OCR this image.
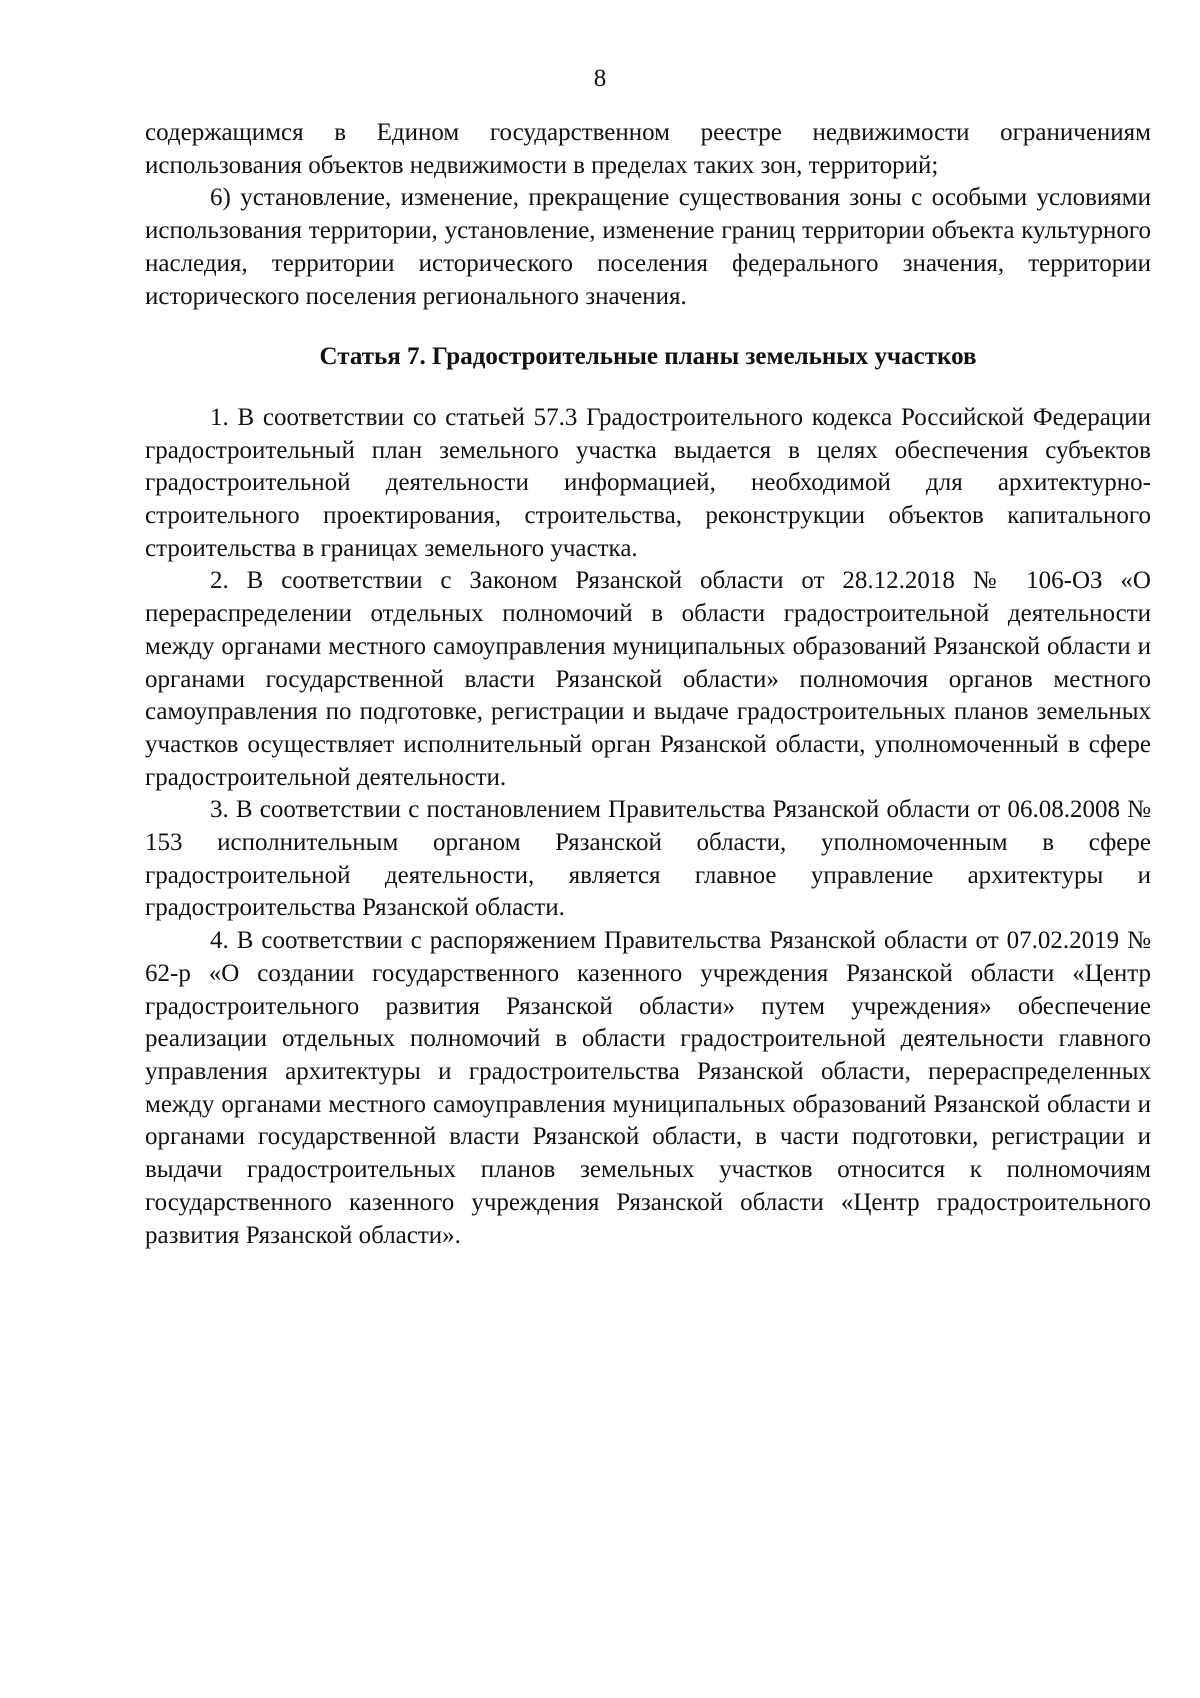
8

содержащимся в Едином государственном реестре недвижимости ограничениям использования объектов недвижимости в пределах таких зон, территорий;

6) установление, изменение, прекращение существования зоны с особыми условиями использования территории, установление, изменение границ территории объекта культурного наследия, территории исторического поселения федерального значения, территории исторического поселения регионального значения.

Статья 7. Градостроительные планы земельных участков

1. В соответствии со статьей 57.3 Градостроительного кодекса Российской Федерации градостроительный план земельного участка выдается в целях обеспечения субъектов градостроительной деятельности информацией, необходимой для архитектурно-строительного проектирования, строительства, реконструкции объектов капитального строительства в границах земельного участка.

2. В соответствии с Законом Рязанской области от 28.12.2018 № 106-ОЗ «О перераспределении отдельных полномочий в области градостроительной деятельности между органами местного самоуправления муниципальных образований Рязанской области и органами государственной власти Рязанской области» полномочия органов местного самоуправления по подготовке, регистрации и выдаче градостроительных планов земельных участков осуществляет исполнительный орган Рязанской области, уполномоченный в сфере градостроительной деятельности.

3. В соответствии с постановлением Правительства Рязанской области от 06.08.2008 № 153 исполнительным органом Рязанской области, уполномоченным в сфере градостроительной деятельности, является главное управление архитектуры и градостроительства Рязанской области.

4. В соответствии с распоряжением Правительства Рязанской области от 07.02.2019 № 62-р «О создании государственного казенного учреждения Рязанской области «Центр градостроительного развития Рязанской области» путем учреждения» обеспечение реализации отдельных полномочий в области градостроительной деятельности главного управления архитектуры и градостроительства Рязанской области, перераспределенных между органами местного самоуправления муниципальных образований Рязанской области и органами государственной власти Рязанской области, в части подготовки, регистрации и выдачи градостроительных планов земельных участков относится к полномочиям государственного казенного учреждения Рязанской области «Центр градостроительного развития Рязанской области».
